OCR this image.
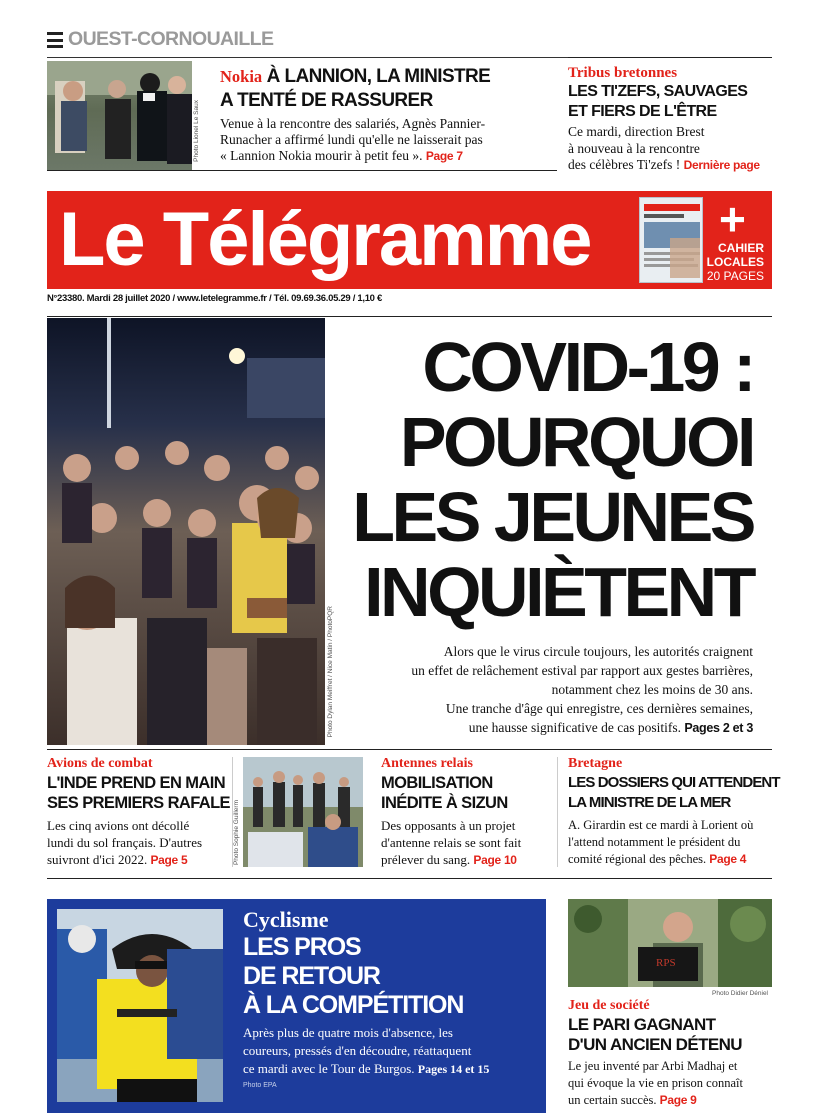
OUEST-CORNOUAILLE
Photo Lionel Le Saux
Nokia À LANNION, LA MINISTRE
A TENTÉ DE RASSURER
Venue à la rencontre des salariés, Agnès Pannier-
Runacher a affirmé lundi qu'elle ne laisserait pas
« Lannion Nokia mourir à petit feu ». Page 7
Tribus bretonnes
LES TI'ZEFS, SAUVAGES
ET FIERS DE L'ÊTRE
Ce mardi, direction Brest
à nouveau à la rencontre
des célèbres Ti'zefs ! Dernière page
Le Télégramme	+
CAHIER
LOCALES
20 PAGES
N°23380. Mardi 28 juillet 2020 / www.letelegramme.fr / Tél. 09.69.36.05.29 / 1,10 €
Photo Dylan Meiffret / Nice Matin / PhotoPQR
COVID-19 :
POURQUOI
LES JEUNES
INQUIÈTENT
Alors que le virus circule toujours, les autorités craignent
un effet de relâchement estival par rapport aux gestes barrières,
notamment chez les moins de 30 ans.
Une tranche d'âge qui enregistre, ces dernières semaines,
une hausse significative de cas positifs. Pages 2 et 3
Avions de combat
L'INDE PREND EN MAIN
SES PREMIERS RAFALE
Les cinq avions ont décollé
lundi du sol français. D'autres
suivront d'ici 2022. Page 5	Photo Sophie Guillerm
Antennes relais
MOBILISATION
INÉDITE À SIZUN
Des opposants à un projet
d'antenne relais se sont fait
prélever du sang. Page 10
Bretagne
LES DOSSIERS QUI ATTENDENT
LA MINISTRE DE LA MER
A. Girardin est ce mardi à Lorient où
l'attend notamment le président du
comité régional des pêches. Page 4
Cyclisme
LES PROS
DE RETOUR
À LA COMPÉTITION
Après plus de quatre mois d'absence, les
coureurs, pressés d'en découdre, réattaquent
ce mardi avec le Tour de Burgos. Pages 14 et 15
Photo EPA
RPS
Photo Didier Déniel
Jeu de société
LE PARI GAGNANT
D'UN ANCIEN DÉTENU
Le jeu inventé par Arbi Madhaj et
qui évoque la vie en prison connaît
un certain succès. Page 9
